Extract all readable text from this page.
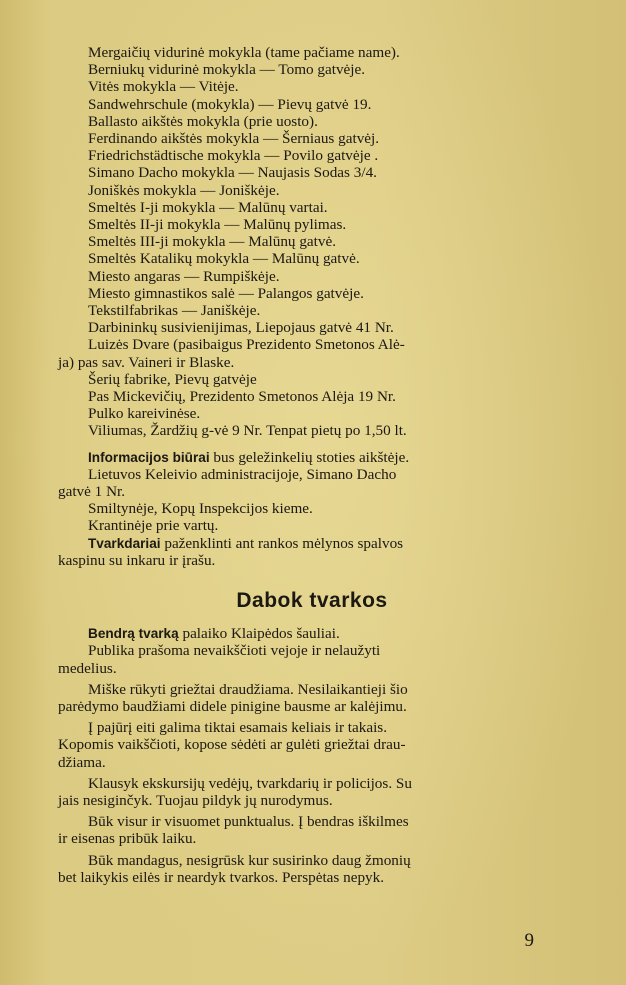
Mergaičių vidurinė mokykla (tame pačiame name).

Berniukų vidurinė mokykla — Tomo gatvėje.

Vitės mokykla — Vitėje.

Sandwehrschule (mokykla) — Pievų gatvė 19.

Ballasto aikštės mokykla (prie uosto).

Ferdinando aikštės mokykla — Šerniaus gatvėj.

Friedrichstädtische mokykla — Povilo gatvėje .

Simano Dacho mokykla — Naujasis Sodas 3/4.

Joniškės mokykla — Joniškėje.

Smeltės I-ji mokykla — Malūnų vartai.

Smeltės II-ji mokykla — Malūnų pylimas.

Smeltės III-ji mokykla — Malūnų gatvė.

Smeltės Katalikų mokykla — Malūnų gatvė.

Miesto angaras — Rumpiškėje.

Miesto gimnastikos salė — Palangos gatvėje.

Tekstilfabrikas — Janiškėje.

Darbininkų susivienijimas, Liepojaus gatvė 41 Nr.

Luizės Dvare (pasibaigus Prezidento Smetonos Alė-

ja) pas sav. Vaineri ir Blaske.

Šerių fabrike, Pievų gatvėje

Pas Mickevičių, Prezidento Smetonos Alėja 19 Nr.

Pulko kareivinėse.

Viliumas, Žardžių g-vė 9 Nr. Tenpat pietų po 1,50 lt.

Informacijos biūrai bus geležinkelių stoties aikštėje.

Lietuvos Keleivio administracijoje, Simano Dacho

gatvė 1 Nr.

Smiltynėje, Kopų Inspekcijos kieme.

Krantinėje prie vartų.

Tvarkdariai paženklinti ant rankos mėlynos spalvos

kaspinu su inkaru ir įrašu.

Dabok tvarkos

Bendrą tvarką palaiko Klaipėdos šauliai.

Publika prašoma nevaikščioti vejoje ir nelaužyti

medelius.

Miške rūkyti griežtai draudžiama. Nesilaikantieji šio

parėdymo baudžiami didele pinigine bausme ar kalėjimu.

Į pajūrį eiti galima tiktai esamais keliais ir takais.

Kopomis vaikščioti, kopose sėdėti ar gulėti griežtai drau-

džiama.

Klausyk ekskursijų vedėjų, tvarkdarių ir policijos. Su

jais nesiginčyk. Tuojau pildyk jų nurodymus.

Būk visur ir visuomet punktualus. Į bendras iškilmes

ir eisenas pribūk laiku.

Būk mandagus, nesigrūsk kur susirinko daug žmonių

bet laikykis eilės ir neardyk tvarkos. Perspėtas nepyk.

9
